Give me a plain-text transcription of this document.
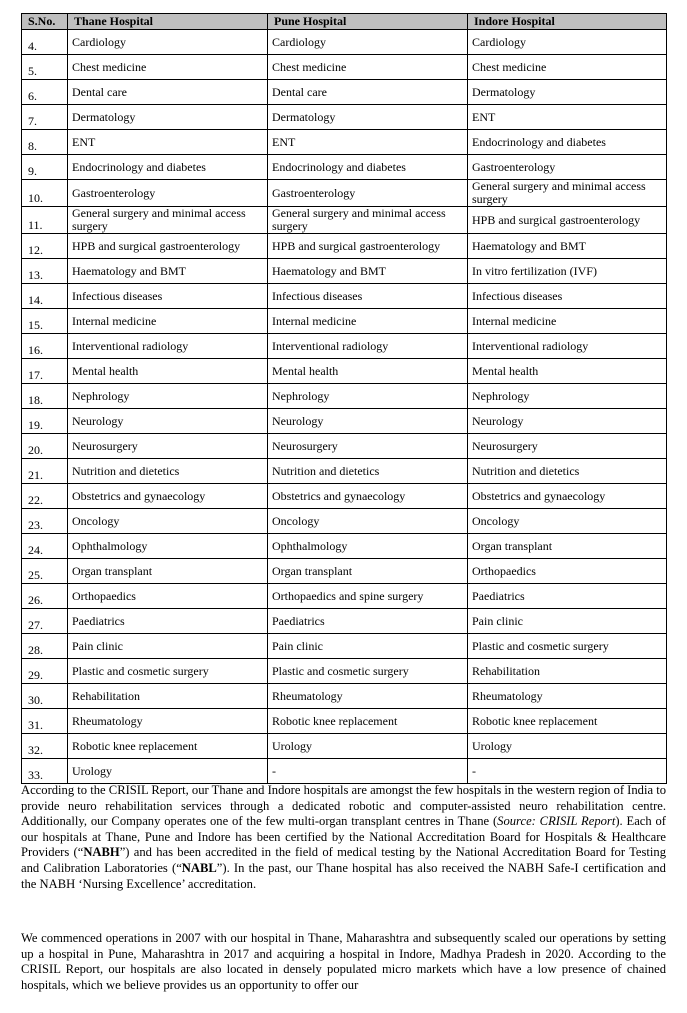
S.No.	Thane Hospital	Pune Hospital	Indore Hospital
4.	Cardiology	Cardiology	Cardiology
5.	Chest medicine	Chest medicine	Chest medicine
6.	Dental care	Dental care	Dermatology
7.	Dermatology	Dermatology	ENT
8.	ENT	ENT	Endocrinology and diabetes
9.	Endocrinology and diabetes	Endocrinology and diabetes	Gastroenterology
10.	Gastroenterology	Gastroenterology	General surgery and minimal access surgery
11.	General surgery and minimal access surgery	General surgery and minimal access surgery	HPB and surgical gastroenterology
12.	HPB and surgical gastroenterology	HPB and surgical gastroenterology	Haematology and BMT
13.	Haematology and BMT	Haematology and BMT	In vitro fertilization (IVF)
14.	Infectious diseases	Infectious diseases	Infectious diseases
15.	Internal medicine	Internal medicine	Internal medicine
16.	Interventional radiology	Interventional radiology	Interventional radiology
17.	Mental health	Mental health	Mental health
18.	Nephrology	Nephrology	Nephrology
19.	Neurology	Neurology	Neurology
20.	Neurosurgery	Neurosurgery	Neurosurgery
21.	Nutrition and dietetics	Nutrition and dietetics	Nutrition and dietetics
22.	Obstetrics and gynaecology	Obstetrics and gynaecology	Obstetrics and gynaecology
23.	Oncology	Oncology	Oncology
24.	Ophthalmology	Ophthalmology	Organ transplant
25.	Organ transplant	Organ transplant	Orthopaedics
26.	Orthopaedics	Orthopaedics and spine surgery	Paediatrics
27.	Paediatrics	Paediatrics	Pain clinic
28.	Pain clinic	Pain clinic	Plastic and cosmetic surgery
29.	Plastic and cosmetic surgery	Plastic and cosmetic surgery	Rehabilitation
30.	Rehabilitation	Rheumatology	Rheumatology
31.	Rheumatology	Robotic knee replacement	Robotic knee replacement
32.	Robotic knee replacement	Urology	Urology
33.	Urology	-	-

According to the CRISIL Report, our Thane and Indore hospitals are amongst the few hospitals in the western region of India to provide neuro rehabilitation services through a dedicated robotic and computer-assisted neuro rehabilitation centre. Additionally, our Company operates one of the few multi-organ transplant centres in Thane (Source: CRISIL Report). Each of our hospitals at Thane, Pune and Indore has been certified by the National Accreditation Board for Hospitals & Healthcare Providers (“NABH”) and has been accredited in the field of medical testing by the National Accreditation Board for Testing and Calibration Laboratories (“NABL”). In the past, our Thane hospital has also received the NABH Safe-I certification and the NABH ‘Nursing Excellence’ accreditation.

We commenced operations in 2007 with our hospital in Thane, Maharashtra and subsequently scaled our operations by setting up a hospital in Pune, Maharashtra in 2017 and acquiring a hospital in Indore, Madhya Pradesh in 2020. According to the CRISIL Report, our hospitals are also located in densely populated micro markets which have a low presence of chained hospitals, which we believe provides us an opportunity to offer our
